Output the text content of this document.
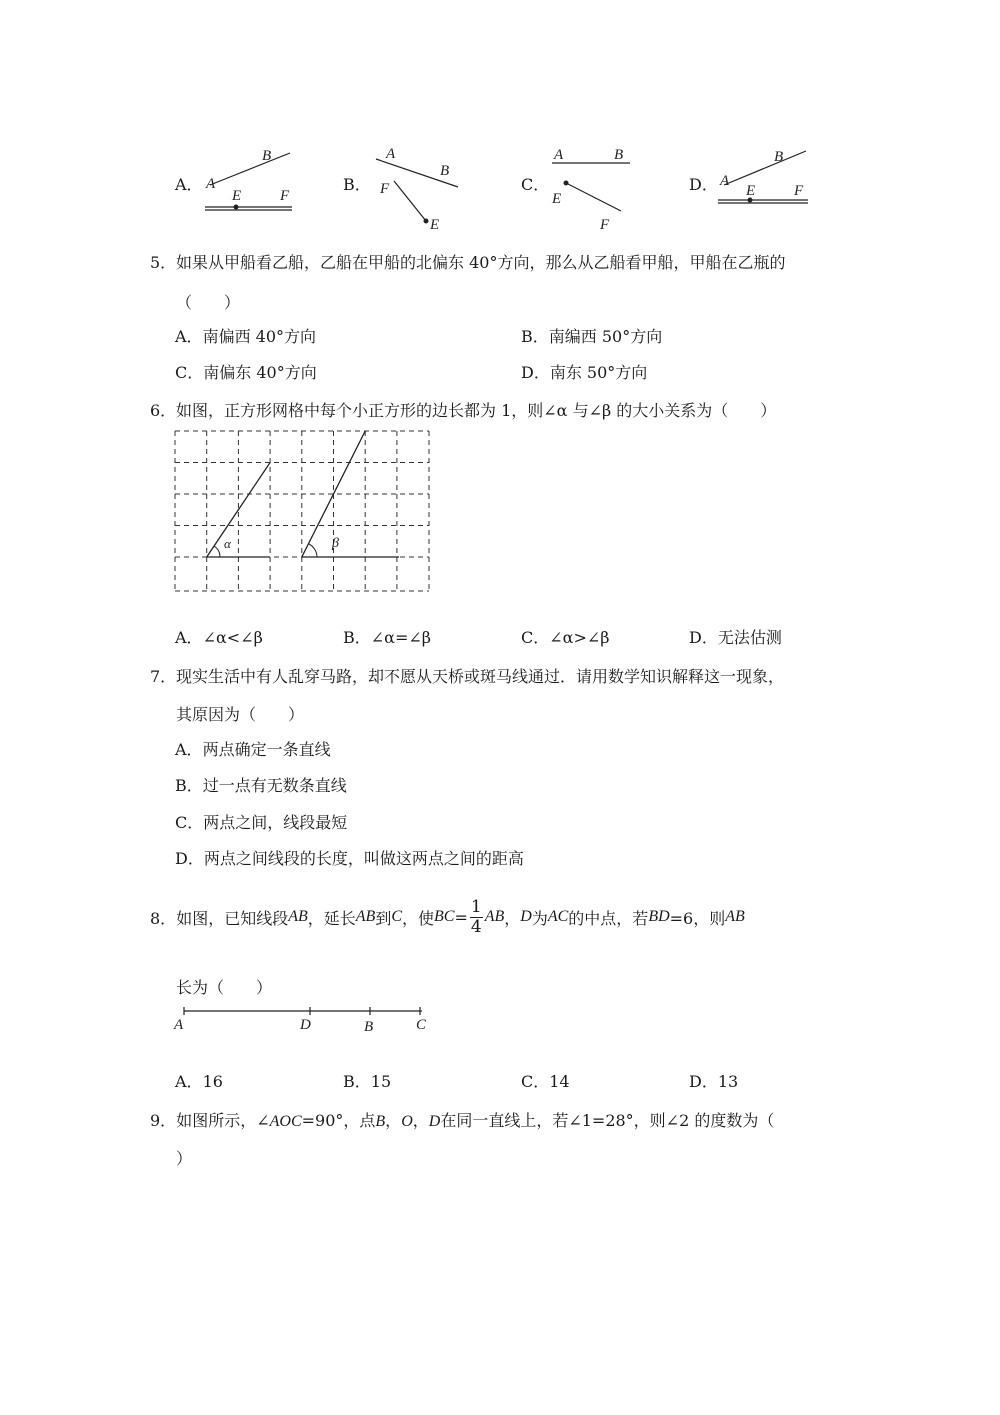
A． A
B
E	F
B．
A
B
F
E
C．
A	B
E
F
D． A
B
E	F
5． 如果从甲船看乙船，乙船在甲船的北偏东 40°方向，那么从乙船看甲船，甲船在乙瓶的
（　　）
A．南偏西 40°方向	B．南编西 50°方向
C．南偏东 40°方向	D．南东 50°方向
6． 如图，正方形网格中每个小正方形的边长都为 1，则∠α 与∠β 的大小关系为（　　）
α	β
A．∠α<∠β	B．∠α=∠β	C．∠α>∠β	D．无法估测
7． 现实生活中有人乱穿马路，却不愿从天桥或斑马线通过．请用数学知识解释这一现象，
其原因为（　　）
A．两点确定一条直线
B．过一点有无数条直线
C．两点之间，线段最短
D．两点之间线段的长度，叫做这两点之间的距高
8． 如图，已知线段 AB ，延长 AB 到 C ，使 BC = $\frac{1}{4}$ AB ， D 为 AC 的中点，若 BD =6，则 AB
长为（　　）
A	D	B	C
A．16	B．15	C．14	D．13
9．如图所示，∠AOC=90°，点B，O，D在同一直线上，若∠1=28°，则∠2 的度数为（
）
